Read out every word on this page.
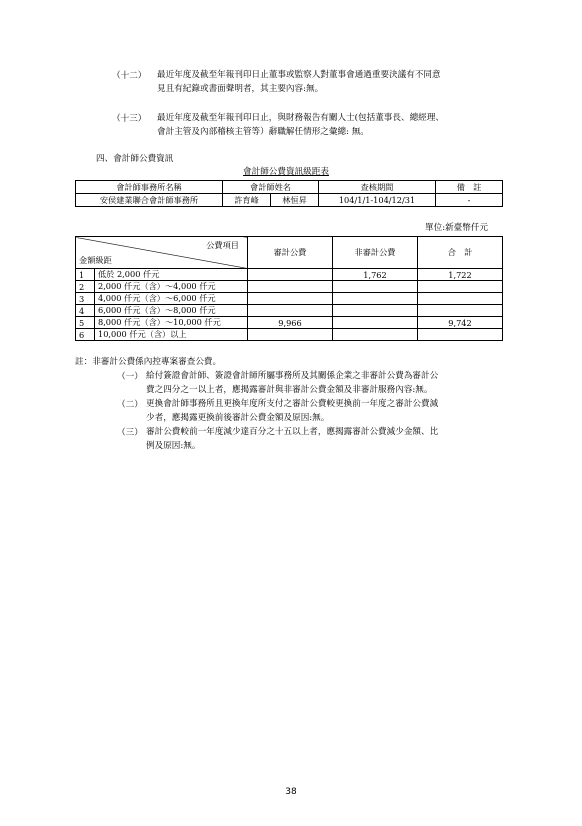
（十二） 最近年度及截至年報刊印日止董事或監察人對董事會通過重要決議有不同意
見且有紀錄或書面聲明者，其主要內容:無。
（十三） 最近年度及截至年報刊印日止，與財務報告有關人士(包括董事長、總經理、
會計主管及內部稽核主管等）辭職解任情形之彙總: 無。
四、會計師公費資訊
會計師公費資訊級距表
會計師事務所名稱	會計師姓名		查核期間	備　註
安侯建業聯合會計師事務所	許育峰	林恒昇	104/1/1-104/12/31	-
單位:新臺幣仟元
公費項目
金額級距		審計公費	非審計公費	合　計
1	低於 2,000 仟元		1,762	1,722
2	2,000 仟元（含）～4,000 仟元			
3	4,000 仟元（含）～6,000 仟元			
4	6,000 仟元（含）～8,000 仟元			
5	8,000 仟元（含）～10,000 仟元	9,966		9,742
6	10,000 仟元（含）以上			
註：非審計公費係內控專案審查公費。
（一） 給付簽證會計師、簽證會計師所屬事務所及其關係企業之非審計公費為審計公
費之四分之一以上者，應揭露審計與非審計公費金額及非審計服務內容:無。
（二） 更換會計師事務所且更換年度所支付之審計公費較更換前一年度之審計公費減
少者，應揭露更換前後審計公費金額及原因:無。
（三） 審計公費較前一年度減少達百分之十五以上者，應揭露審計公費減少金額、比
例及原因:無。
38
